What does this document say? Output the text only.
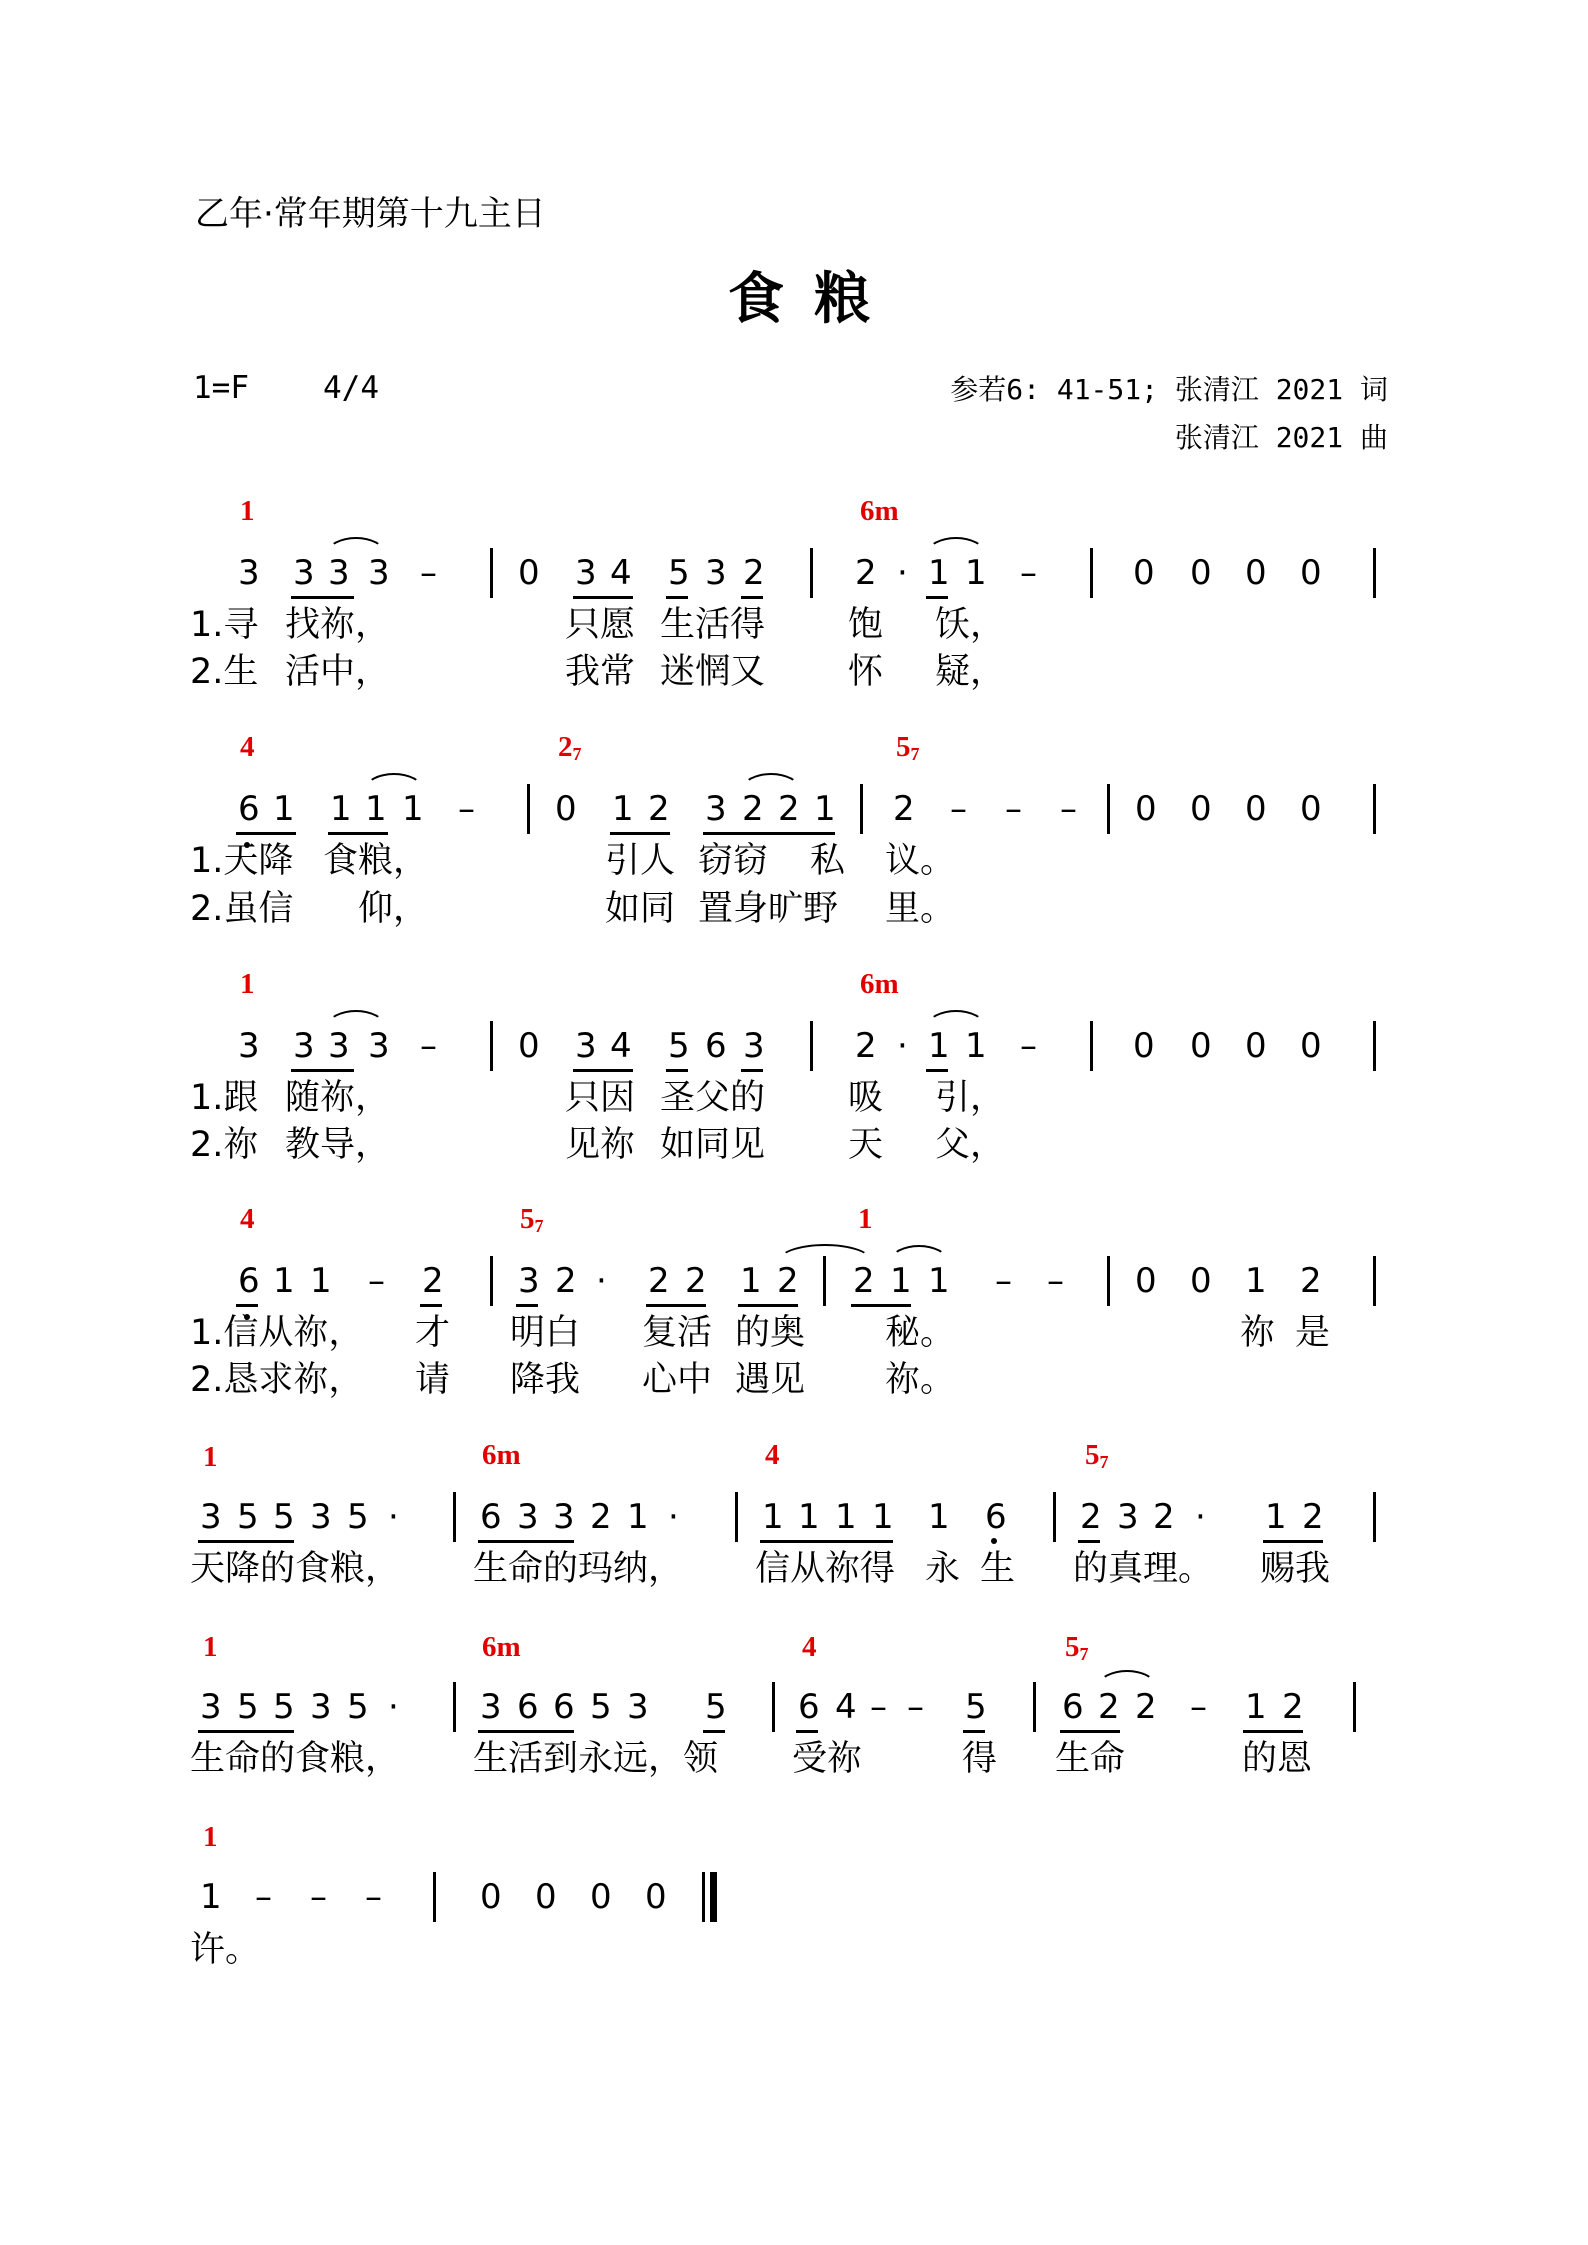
乙年·常年期第十九主日
食粮
1=F 4/4	参若6: 41-51; 张清江 2021 词
张清江 2021 曲
1	6m
3 3 3 3 – 0 3 4 5 3 2	2 · 1 1 –	0 0 0 0
1.寻 找祢，	只愿 生活得 饱 饫，
2.生 活中，	我常 迷惘又 怀 疑，
4	$2_7$	$5_7$
6 1 1 1 1 – 0 1 2 3 2 2 1 2 – – – 0 0 0 0
1.天降 食粮，	引人 窃窃 私 议。
2.虽信 仰，	如同 置身旷野 里。
1	6m
3 3 3 3 – 0 3 4 5 6 3	2 · 1 1 –	0 0 0 0
1.跟 随祢，	只因 圣父的 吸 引，
2.祢 教导，	见祢 如同见 天 父，
4	$5_7$	1
6 1 1 – 2 3 2 · 2 2 1 2 2 1 1 – – 0 0 1 2
1.信从祢， 才 明白 复活 的奥 秘。	祢 是
2.恳求祢， 请 降我 心中 遇见 祢。
1	6m	4	$5_7$
3 5 5 3 5 · 6 3 3 2 1 · 1 1 1 1 1 6 2 3 2 · 1 2
天降的食粮， 生命的玛纳， 信从祢得 永 生 的真理。 赐我
1	6m	4	$5_7$
3 5 5 3 5 · 3 6 6 5 3 5 6 4 – – 5 6 2 2 – 1 2
生命的食粮， 生活到永远，领 受祢	得 生命	的恩
1
1 – – –	0 0 0 0
许。
